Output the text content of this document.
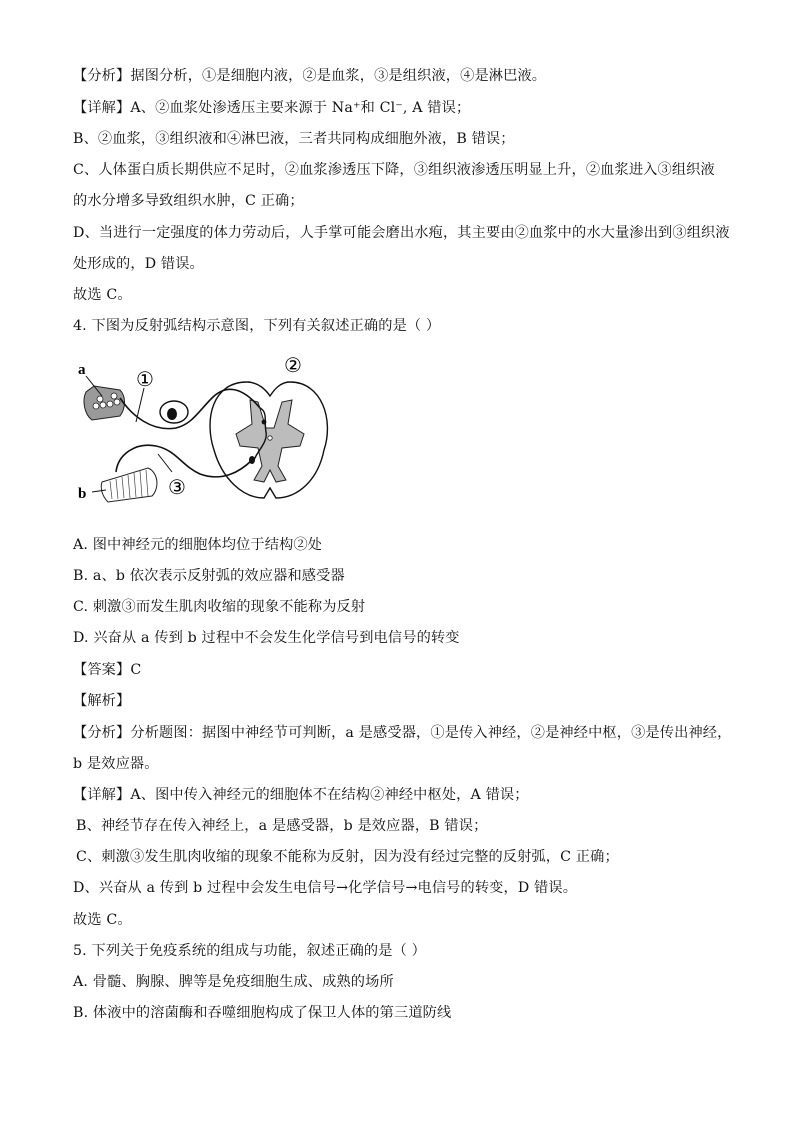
【分析】据图分析，①是细胞内液，②是血浆，③是组织液，④是淋巴液。
【详解】A、②血浆处渗透压主要来源于 Na⁺和 Cl⁻, A 错误；
B、②血浆，③组织液和④淋巴液，三者共同构成细胞外液，B 错误；
C、人体蛋白质长期供应不足时，②血浆渗透压下降，③组织液渗透压明显上升，②血浆进入③组织液
的水分增多导致组织水肿，C 正确；
D、当进行一定强度的体力劳动后，人手掌可能会磨出水疱，其主要由②血浆中的水大量渗出到③组织液
处形成的，D 错误。
故选 C。
4. 下图为反射弧结构示意图，下列有关叙述正确的是（ ）
a
b
①
②
③
A. 图中神经元的细胞体均位于结构②处
B. a、b 依次表示反射弧的效应器和感受器
C. 刺激③而发生肌肉收缩的现象不能称为反射
D. 兴奋从 a 传到 b 过程中不会发生化学信号到电信号的转变
【答案】C
【解析】
【分析】分析题图：据图中神经节可判断，a 是感受器，①是传入神经，②是神经中枢，③是传出神经，
b 是效应器。
【详解】A、图中传入神经元的细胞体不在结构②神经中枢处，A 错误；
B、神经节存在传入神经上，a 是感受器，b 是效应器，B 错误；
C、刺激③发生肌肉收缩的现象不能称为反射，因为没有经过完整的反射弧，C 正确；
D、兴奋从 a 传到 b 过程中会发生电信号→化学信号→电信号的转变，D 错误。
故选 C。
5. 下列关于免疫系统的组成与功能，叙述正确的是（ ）
A. 骨髓、胸腺、脾等是免疫细胞生成、成熟的场所
B. 体液中的溶菌酶和吞噬细胞构成了保卫人体的第三道防线
